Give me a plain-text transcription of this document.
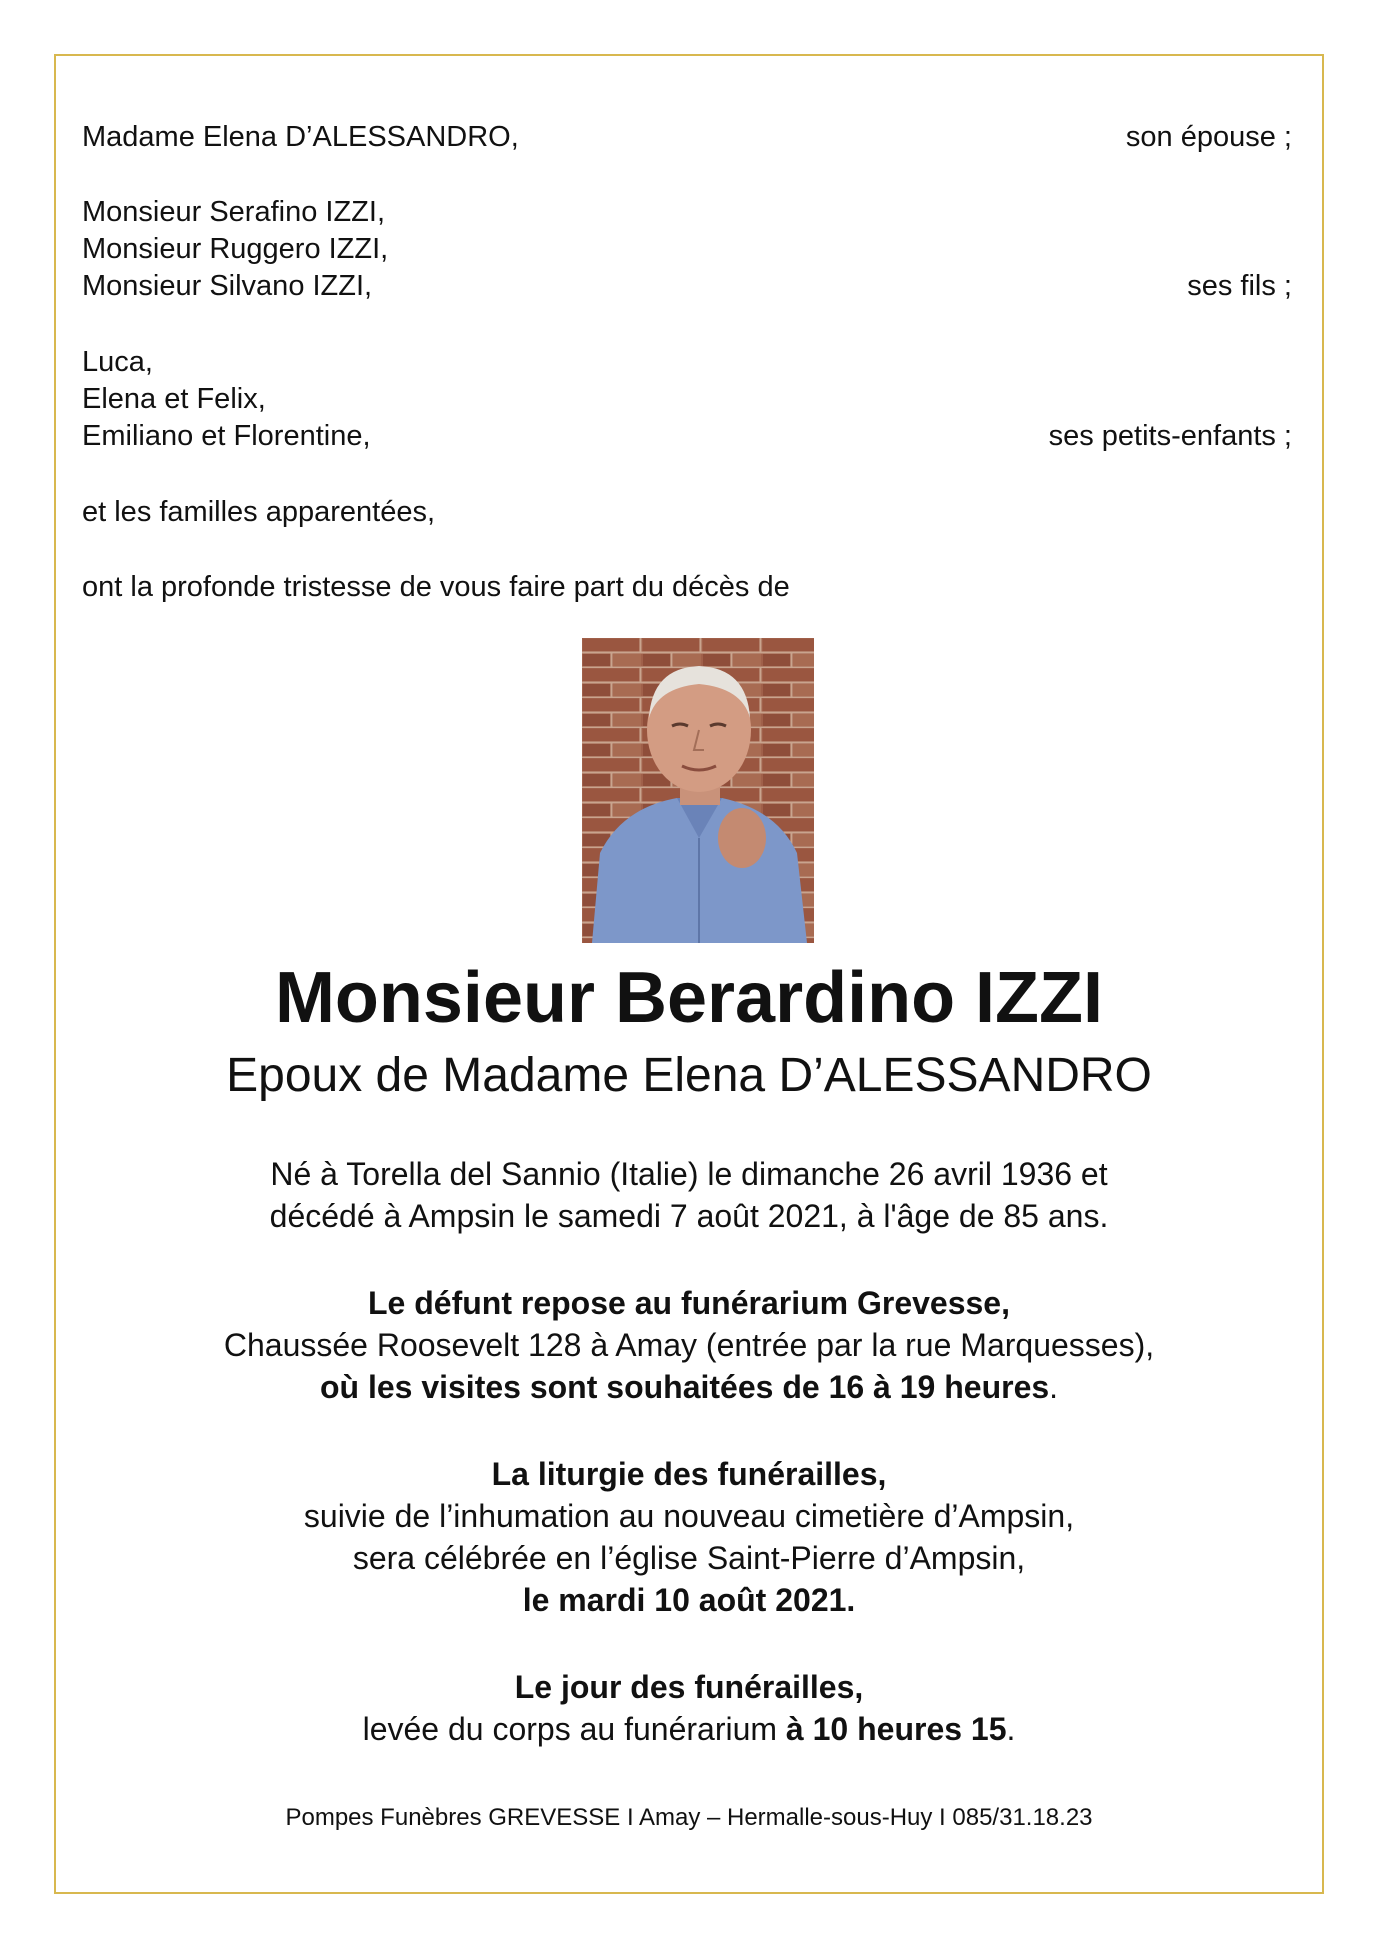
Madame Elena D’ALESSANDRO,	son épouse ;
Monsieur Serafino IZZI,
Monsieur Ruggero IZZI,
Monsieur Silvano IZZI,	ses fils ;
Luca,
Elena et Felix,
Emiliano et Florentine,	ses petits-enfants ;
et les familles apparentées,
ont la profonde tristesse de vous faire part du décès de
Monsieur Berardino IZZI
Epoux de Madame Elena D’ALESSANDRO
Né à Torella del Sannio (Italie) le dimanche 26 avril 1936 et
décédé à Ampsin le samedi 7 août 2021, à l'âge de 85 ans.
Le défunt repose au funérarium Grevesse,
Chaussée Roosevelt 128 à Amay (entrée par la rue Marquesses),
où les visites sont souhaitées de 16 à 19 heures.
La liturgie des funérailles,
suivie de l’inhumation au nouveau cimetière d’Ampsin,
sera célébrée en l’église Saint-Pierre d’Ampsin,
le mardi 10 août 2021.
Le jour des funérailles,
levée du corps au funérarium à 10 heures 15.
Pompes Funèbres GREVESSE I Amay – Hermalle-sous-Huy I 085/31.18.23
